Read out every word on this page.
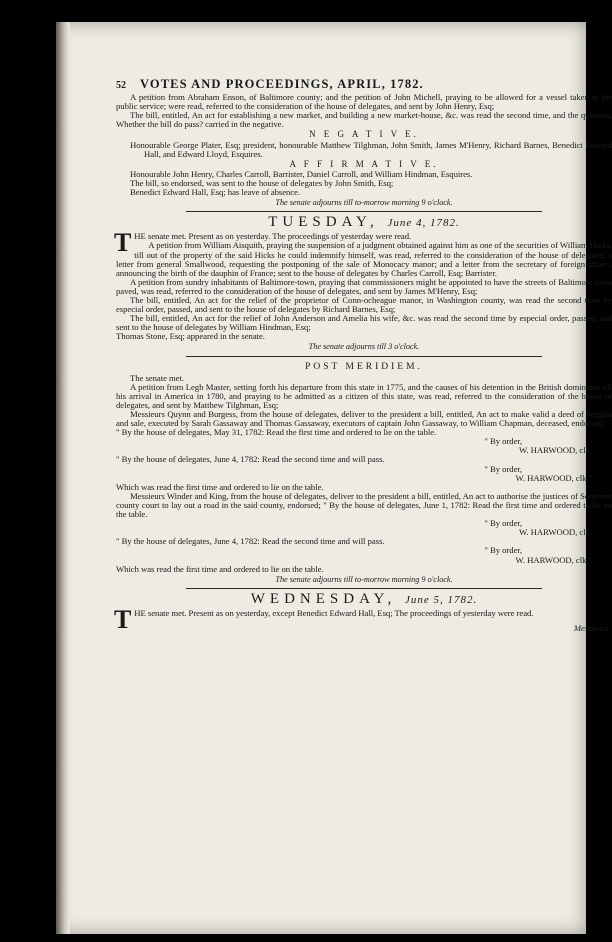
52 VOTES AND PROCEEDINGS, APRIL, 1782.

A petition from Abraham Enson, of Baltimore county; and the petition of John Michell, praying to be allowed for a vessel taken in the public service; were read, referred to the consideration of the house of delegates, and sent by John Henry, Esq;

The bill, entitled, An act for establishing a new market, and building a new market-house, &c. was read the second time, and the question, Whether the bill do pass? carried in the negative.

N E G A T I V E.

Honourable George Plater, Esq; president, honourable Matthew Tilghman, John Smith, James M'Henry, Richard Barnes, Benedict Edward Hall, and Edward Lloyd, Esquires.

A F F I R M A T I V E.

Honourable John Henry, Charles Carroll, Barrister, Daniel Carroll, and William Hindman, Esquires.

The bill, so endorsed, was sent to the house of delegates by John Smith, Esq;

Benedict Edward Hall, Esq; has leave of absence.

The senate adjourns till to-morrow morning 9 o'clock.

TUESDAY, June 4, 1782.

THE senate met. Present as on yesterday. The proceedings of yesterday were read.

A petition from William Aisquith, praying the suspension of a judgment obtained against him as one of the securities of William Hicks, till out of the property of the said Hicks he could indemnify himself, was read, referred to the consideration of the house of delegates; a letter from general Smallwood, requesting the postponing of the sale of Monocacy manor; and a letter from the secretary of foreign affairs, announcing the birth of the dauphin of France; sent to the house of delegates by Charles Carroll, Esq; Barrister.

A petition from sundry inhabitants of Baltimore-town, praying that commissioners might be appointed to have the streets of Baltimore town paved, was read, referred to the consideration of the house of delegates, and sent by James M'Henry, Esq;

The bill, entitled, An act for the relief of the proprietor of Conn-ocheague manor, in Washington county, was read the second time by especial order, passed, and sent to the house of delegates by Richard Barnes, Esq;

The bill, entitled, An act for the relief of John Anderson and Amelia his wife, &c. was read the second time by especial order, passed, and sent to the house of delegates by William Hindman, Esq;

Thomas Stone, Esq; appeared in the senate.

The senate adjourns till 3 o'clock.

POST MERIDIEM.

The senate met.

A petition from Legh Master, setting forth his departure from this state in 1775, and the causes of his detention in the British dominions till his arrival in America in 1780, and praying to be admitted as a citizen of this state, was read, referred to the consideration of the house of delegates, and sent by Matthew Tilghman, Esq;

Messieurs Quynn and Burgess, from the house of delegates, deliver to the president a bill, entitled, An act to make valid a deed of bargain and sale, executed by Sarah Gassaway and Thomas Gassaway, executors of captain John Gassaway, to William Chapman, deceased, endorsed;

" By the house of delegates, May 31, 1782: Read the first time and ordered to lie on the table.

" By order,

W. HARWOOD, clk.

" By the house of delegates, June 4, 1782: Read the second time and will pass.

" By order,

W. HARWOOD, clk."

Which was read the first time and ordered to lie on the table.

Messieurs Winder and King, from the house of delegates, deliver to the president a bill, entitled, An act to authorise the justices of Somerset county court to lay out a road in the said county, endorsed; " By the house of delegates, June 1, 1782: Read the first time and ordered to lie on the table.

" By order,

W. HARWOOD, clk.

" By the house of delegates, June 4, 1782: Read the second time and will pass.

" By order,

W. HARWOOD, clk."

Which was read the first time and ordered to lie on the table.

The senate adjourns till to-morrow morning 9 o'clock.

WEDNESDAY, June 5, 1782.

THE senate met. Present as on yesterday, except Benedict Edward Hall, Esq; The proceedings of yesterday were read.

Messieurs
